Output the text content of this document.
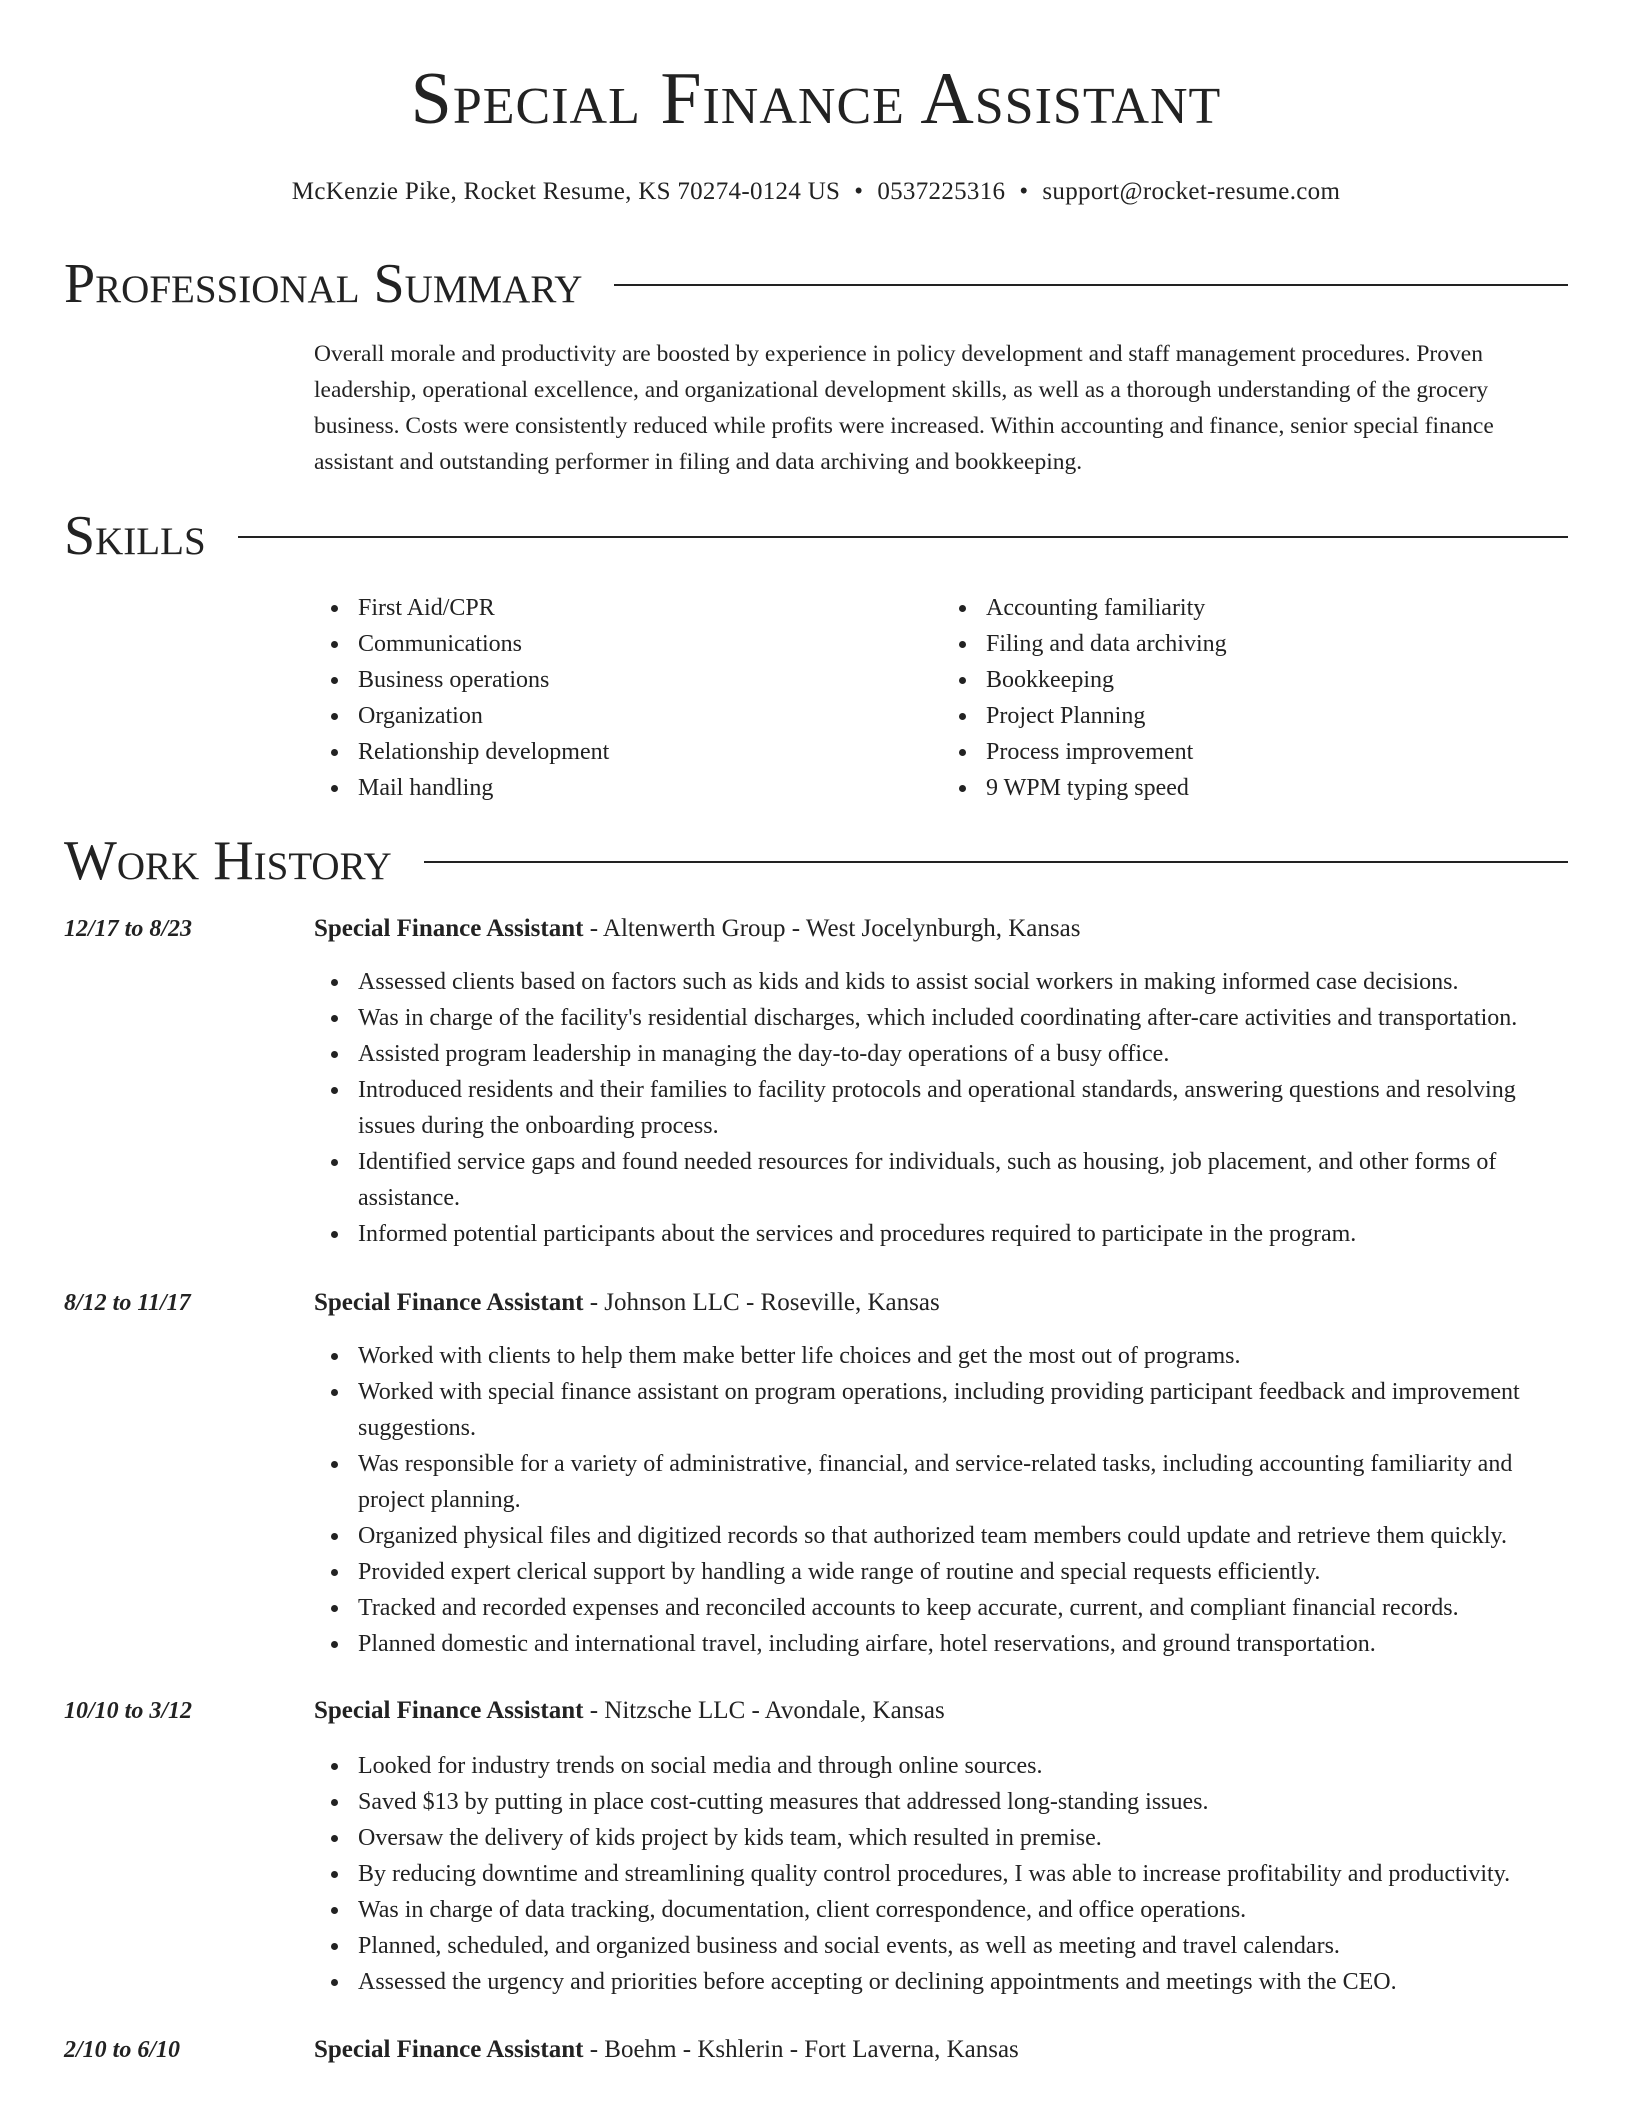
Special Finance Assistant
McKenzie Pike, Rocket Resume, KS 70274-0124 US • 0537225316 • support@rocket-resume.com
Professional Summary

Overall morale and productivity are boosted by experience in policy development and staff management procedures. Proven leadership, operational excellence, and organizational development skills, as well as a thorough understanding of the grocery business. Costs were consistently reduced while profits were increased. Within accounting and finance, senior special finance assistant and outstanding performer in filing and data archiving and bookkeeping.

Skills
First Aid/CPR
Communications
Business operations
Organization
Relationship development
Mail handling
Accounting familiarity
Filing and data archiving
Bookkeeping
Project Planning
Process improvement
9 WPM typing speed
Work History
12/17 to 8/23	Special Finance Assistant - Altenwerth Group - West Jocelynburgh, Kansas
Assessed clients based on factors such as kids and kids to assist social workers in making informed case decisions.
Was in charge of the facility's residential discharges, which included coordinating after-care activities and transportation.
Assisted program leadership in managing the day-to-day operations of a busy office.
Introduced residents and their families to facility protocols and operational standards, answering questions and resolving issues during the onboarding process.
Identified service gaps and found needed resources for individuals, such as housing, job placement, and other forms of assistance.
Informed potential participants about the services and procedures required to participate in the program.
8/12 to 11/17	Special Finance Assistant - Johnson LLC - Roseville, Kansas
Worked with clients to help them make better life choices and get the most out of programs.
Worked with special finance assistant on program operations, including providing participant feedback and improvement suggestions.
Was responsible for a variety of administrative, financial, and service-related tasks, including accounting familiarity and project planning.
Organized physical files and digitized records so that authorized team members could update and retrieve them quickly.
Provided expert clerical support by handling a wide range of routine and special requests efficiently.
Tracked and recorded expenses and reconciled accounts to keep accurate, current, and compliant financial records.
Planned domestic and international travel, including airfare, hotel reservations, and ground transportation.
10/10 to 3/12	Special Finance Assistant - Nitzsche LLC - Avondale, Kansas
Looked for industry trends on social media and through online sources.
Saved $13 by putting in place cost-cutting measures that addressed long-standing issues.
Oversaw the delivery of kids project by kids team, which resulted in premise.
By reducing downtime and streamlining quality control procedures, I was able to increase profitability and productivity.
Was in charge of data tracking, documentation, client correspondence, and office operations.
Planned, scheduled, and organized business and social events, as well as meeting and travel calendars.
Assessed the urgency and priorities before accepting or declining appointments and meetings with the CEO.
2/10 to 6/10	Special Finance Assistant - Boehm - Kshlerin - Fort Laverna, Kansas
